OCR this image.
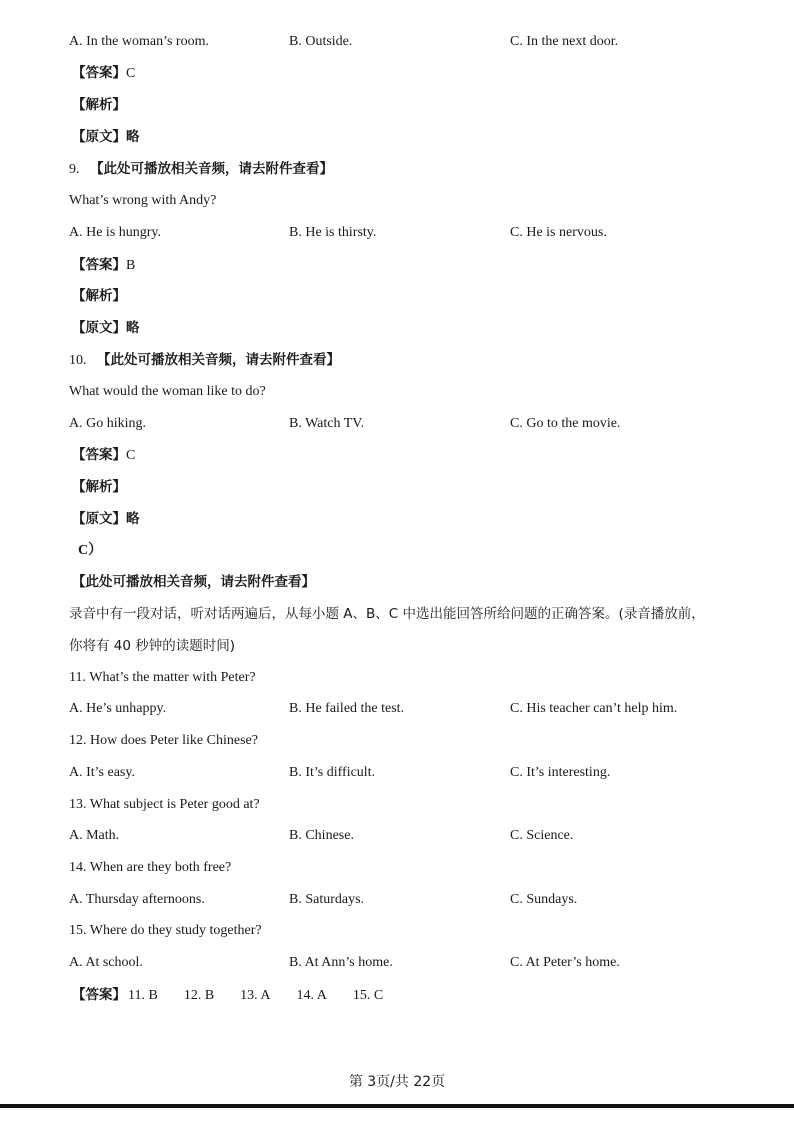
A. In the woman’s room.	B. Outside.	C. In the next door.
【答案】C
【解析】
【原文】略
9. 【此处可播放相关音频，请去附件查看】
What’s wrong with Andy?
A. He is hungry.	B. He is thirsty.	C. He is nervous.
【答案】B
【解析】
【原文】略
10. 【此处可播放相关音频，请去附件查看】
What would the woman like to do?
A. Go hiking.	B. Watch TV.	C. Go to the movie.
【答案】C
【解析】
【原文】略
C）
【此处可播放相关音频，请去附件查看】
录音中有一段对话，听对话两遍后，从每小题 A、B、C 中选出能回答所给问题的正确答案。(录音播放前，
你将有 40 秒钟的读题时间)
11. What’s the matter with Peter?
A. He’s unhappy.	B. He failed the test.	C. His teacher can’t help him.
12. How does Peter like Chinese?
A. It’s easy.	B. It’s difficult.	C. It’s interesting.
13. What subject is Peter good at?
A. Math.	B. Chinese.	C. Science.
14. When are they both free?
A. Thursday afternoons.	B. Saturdays.	C. Sundays.
15. Where do they study together?
A. At school.	B. At Ann’s home.	C. At Peter’s home.
【答案】 11. B 12. B 13. A 14. A 15. C
第 3页/共 22页
